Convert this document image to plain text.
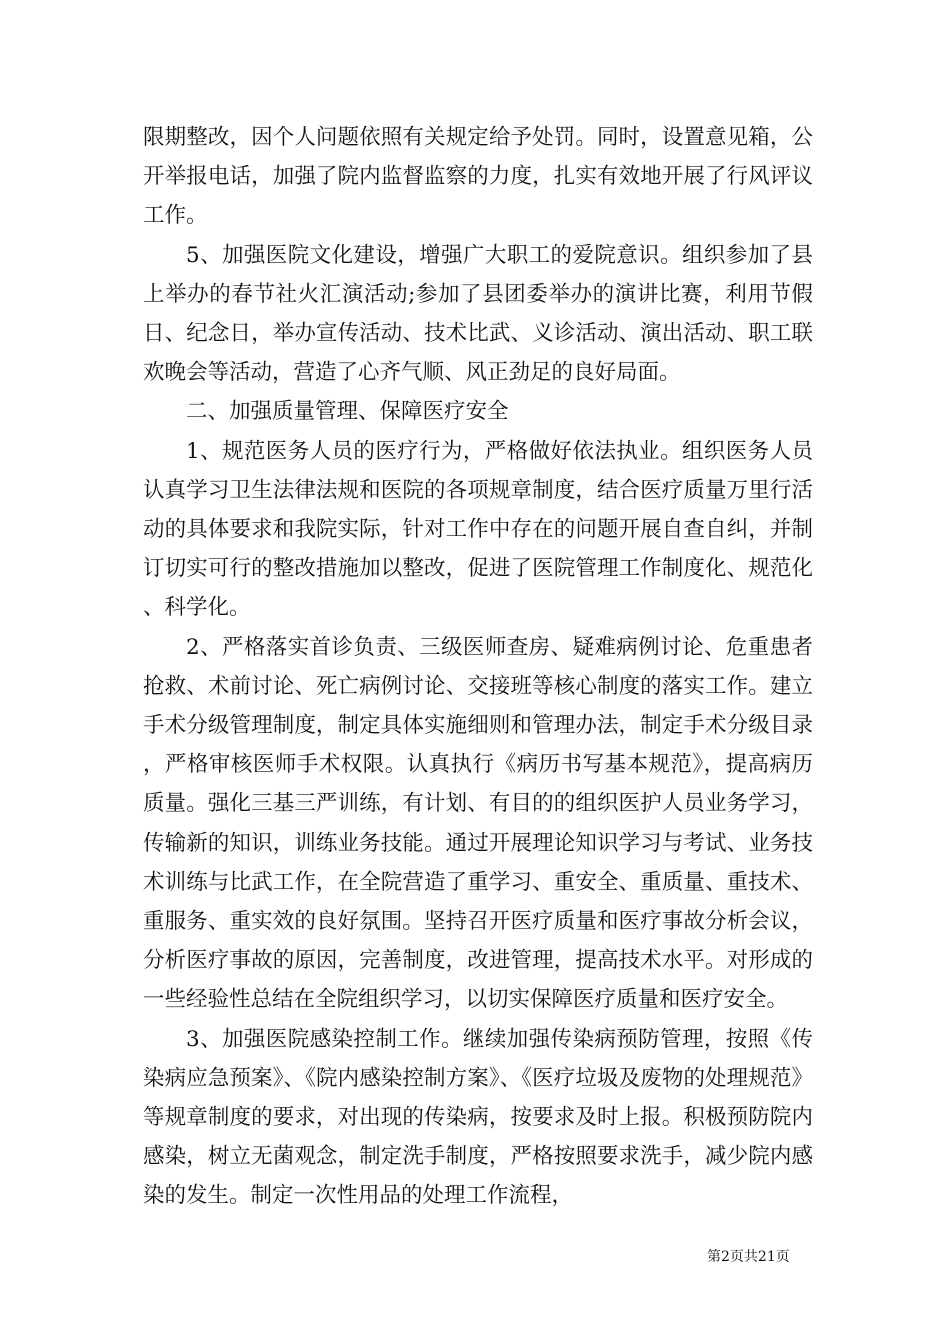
限期整改，因个人问题依照有关规定给予处罚。同时，设置意见箱，公开举报电话，加强了院内监督监察的力度，扎实有效地开展了行风评议工作。

5、加强医院文化建设，增强广大职工的爱院意识。组织参加了县上举办的春节社火汇演活动;参加了县团委举办的演讲比赛，利用节假日、纪念日，举办宣传活动、技术比武、义诊活动、演出活动、职工联欢晚会等活动，营造了心齐气顺、风正劲足的良好局面。

二、加强质量管理、保障医疗安全

1、规范医务人员的医疗行为，严格做好依法执业。组织医务人员认真学习卫生法律法规和医院的各项规章制度，结合医疗质量万里行活动的具体要求和我院实际，针对工作中存在的问题开展自查自纠，并制订切实可行的整改措施加以整改，促进了医院管理工作制度化、规范化、科学化。

2、严格落实首诊负责、三级医师查房、疑难病例讨论、危重患者抢救、术前讨论、死亡病例讨论、交接班等核心制度的落实工作。建立手术分级管理制度，制定具体实施细则和管理办法，制定手术分级目录，严格审核医师手术权限。认真执行《病历书写基本规范》，提高病历质量。强化三基三严训练，有计划、有目的的组织医护人员业务学习，传输新的知识，训练业务技能。通过开展理论知识学习与考试、业务技术训练与比武工作，在全院营造了重学习、重安全、重质量、重技术、重服务、重实效的良好氛围。坚持召开医疗质量和医疗事故分析会议，分析医疗事故的原因，完善制度，改进管理，提高技术水平。对形成的一些经验性总结在全院组织学习，以切实保障医疗质量和医疗安全。

3、加强医院感染控制工作。继续加强传染病预防管理，按照《传染病应急预案》、《院内感染控制方案》、《医疗垃圾及废物的处理规范》等规章制度的要求，对出现的传染病，按要求及时上报。积极预防院内感染，树立无菌观念，制定洗手制度，严格按照要求洗手，减少院内感染的发生。制定一次性用品的处理工作流程，

第2页共21页
